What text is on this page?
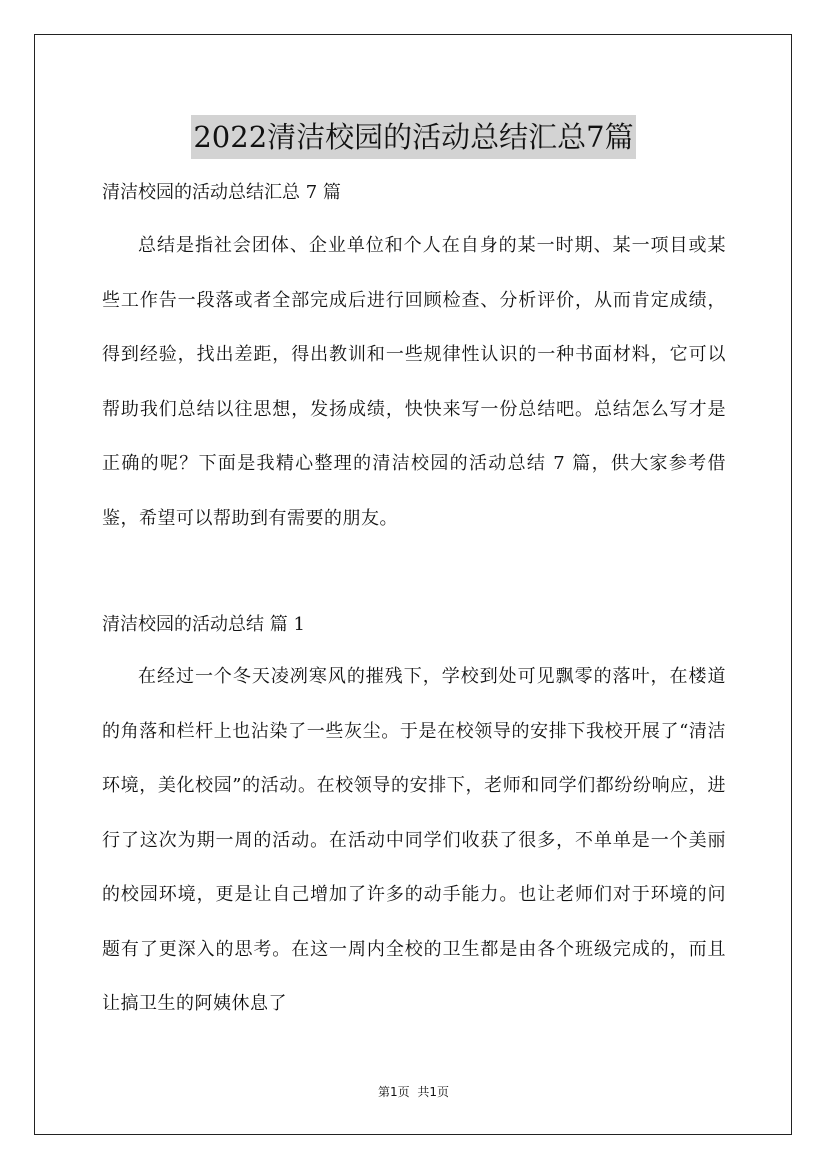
2022清洁校园的活动总结汇总7篇

清洁校园的活动总结汇总 7 篇

总结是指社会团体、企业单位和个人在自身的某一时期、某一项目或某些工作告一段落或者全部完成后进行回顾检查、分析评价，从而肯定成绩，得到经验，找出差距，得出教训和一些规律性认识的一种书面材料，它可以帮助我们总结以往思想，发扬成绩，快快来写一份总结吧。总结怎么写才是正确的呢？下面是我精心整理的清洁校园的活动总结 7 篇，供大家参考借鉴，希望可以帮助到有需要的朋友。

清洁校园的活动总结 篇 1

在经过一个冬天凌冽寒风的摧残下，学校到处可见飘零的落叶，在楼道的角落和栏杆上也沾染了一些灰尘。于是在校领导的安排下我校开展了“清洁环境，美化校园”的活动。在校领导的安排下，老师和同学们都纷纷响应，进行了这次为期一周的活动。在活动中同学们收获了很多，不单单是一个美丽的校园环境，更是让自己增加了许多的动手能力。也让老师们对于环境的问题有了更深入的思考。在这一周内全校的卫生都是由各个班级完成的，而且让搞卫生的阿姨休息了

第1页 共1页
